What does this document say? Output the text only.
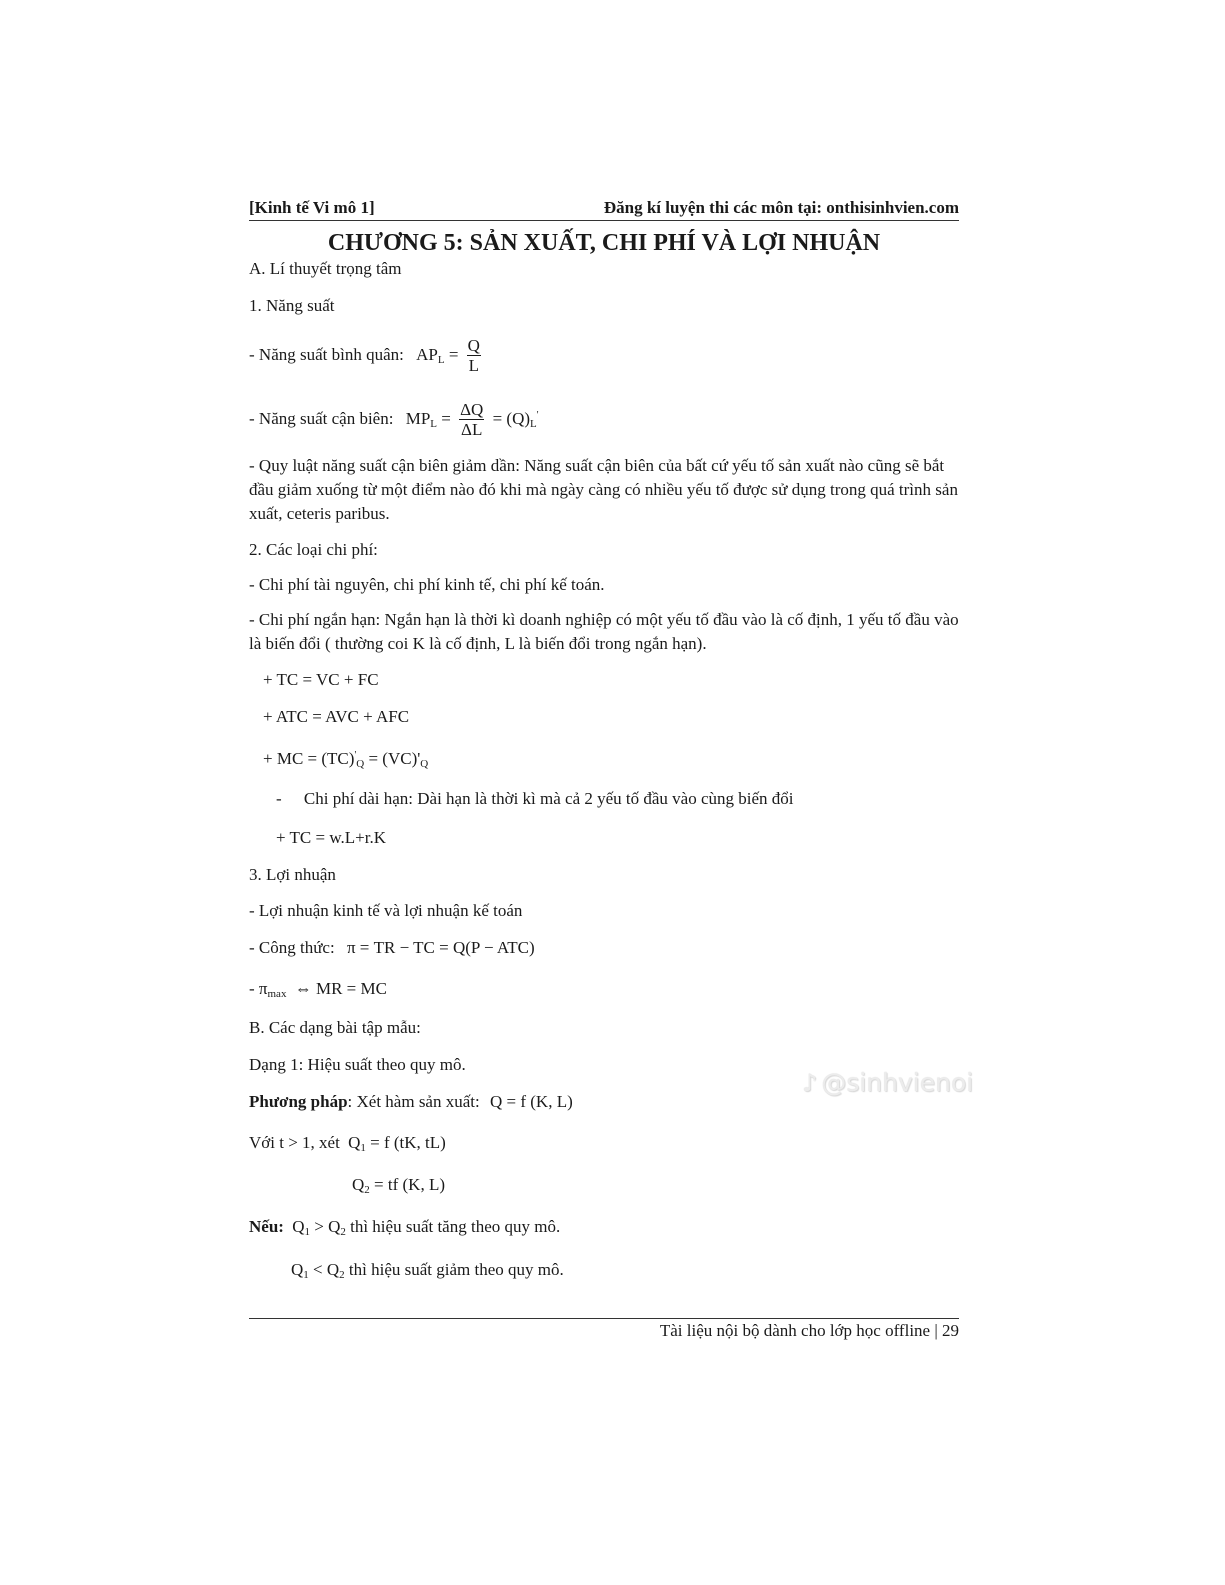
[Kinh tế Vi mô 1]	Đăng kí luyện thi các môn tại: onthisinhvien.com
CHƯƠNG 5: SẢN XUẤT, CHI PHÍ VÀ LỢI NHUẬN
A. Lí thuyết trọng tâm
1. Năng suất
- Năng suất bình quân: $AP_L = \frac{Q}{L}$
- Năng suất cận biên: $MP_L = \frac{\Delta Q}{\Delta L} = (Q)_L'$
- Quy luật năng suất cận biên giảm dần: Năng suất cận biên của bất cứ yếu tố sản xuất nào cũng sẽ bắt đầu giảm xuống từ một điểm nào đó khi mà ngày càng có nhiều yếu tố được sử dụng trong quá trình sản xuất, ceteris paribus.
2. Các loại chi phí:
- Chi phí tài nguyên, chi phí kinh tế, chi phí kế toán.
- Chi phí ngắn hạn: Ngắn hạn là thời kì doanh nghiệp có một yếu tố đầu vào là cố định, 1 yếu tố đầu vào là biến đổi ( thường coi K là cố định, L là biến đổi trong ngắn hạn).
+ TC = VC + FC
+ ATC = AVC + AFC
+ MC = $(TC)'_Q = (VC)'_Q$
- Chi phí dài hạn: Dài hạn là thời kì mà cả 2 yếu tố đầu vào cùng biến đổi
+ TC = w.L+r.K
3. Lợi nhuận
- Lợi nhuận kinh tế và lợi nhuận kế toán
- Công thức: π = TR − TC = Q(P − ATC)
- $\pi_{max}$ ⇔ MR = MC
B. Các dạng bài tập mẫu:
Dạng 1: Hiệu suất theo quy mô.
Phương pháp: Xét hàm sản xuất: Q = f (K, L)
Với t > 1, xét $Q_1 = f$ (tK, tL)
$Q_2$ = tf (K, L)
Nếu: $Q_1 > Q_2$ thì hiệu suất tăng theo quy mô.
$Q_1 < Q_2$ thì hiệu suất giảm theo quy mô.
♪ @sinhvienoi
Tài liệu nội bộ dành cho lớp học offline | 29
